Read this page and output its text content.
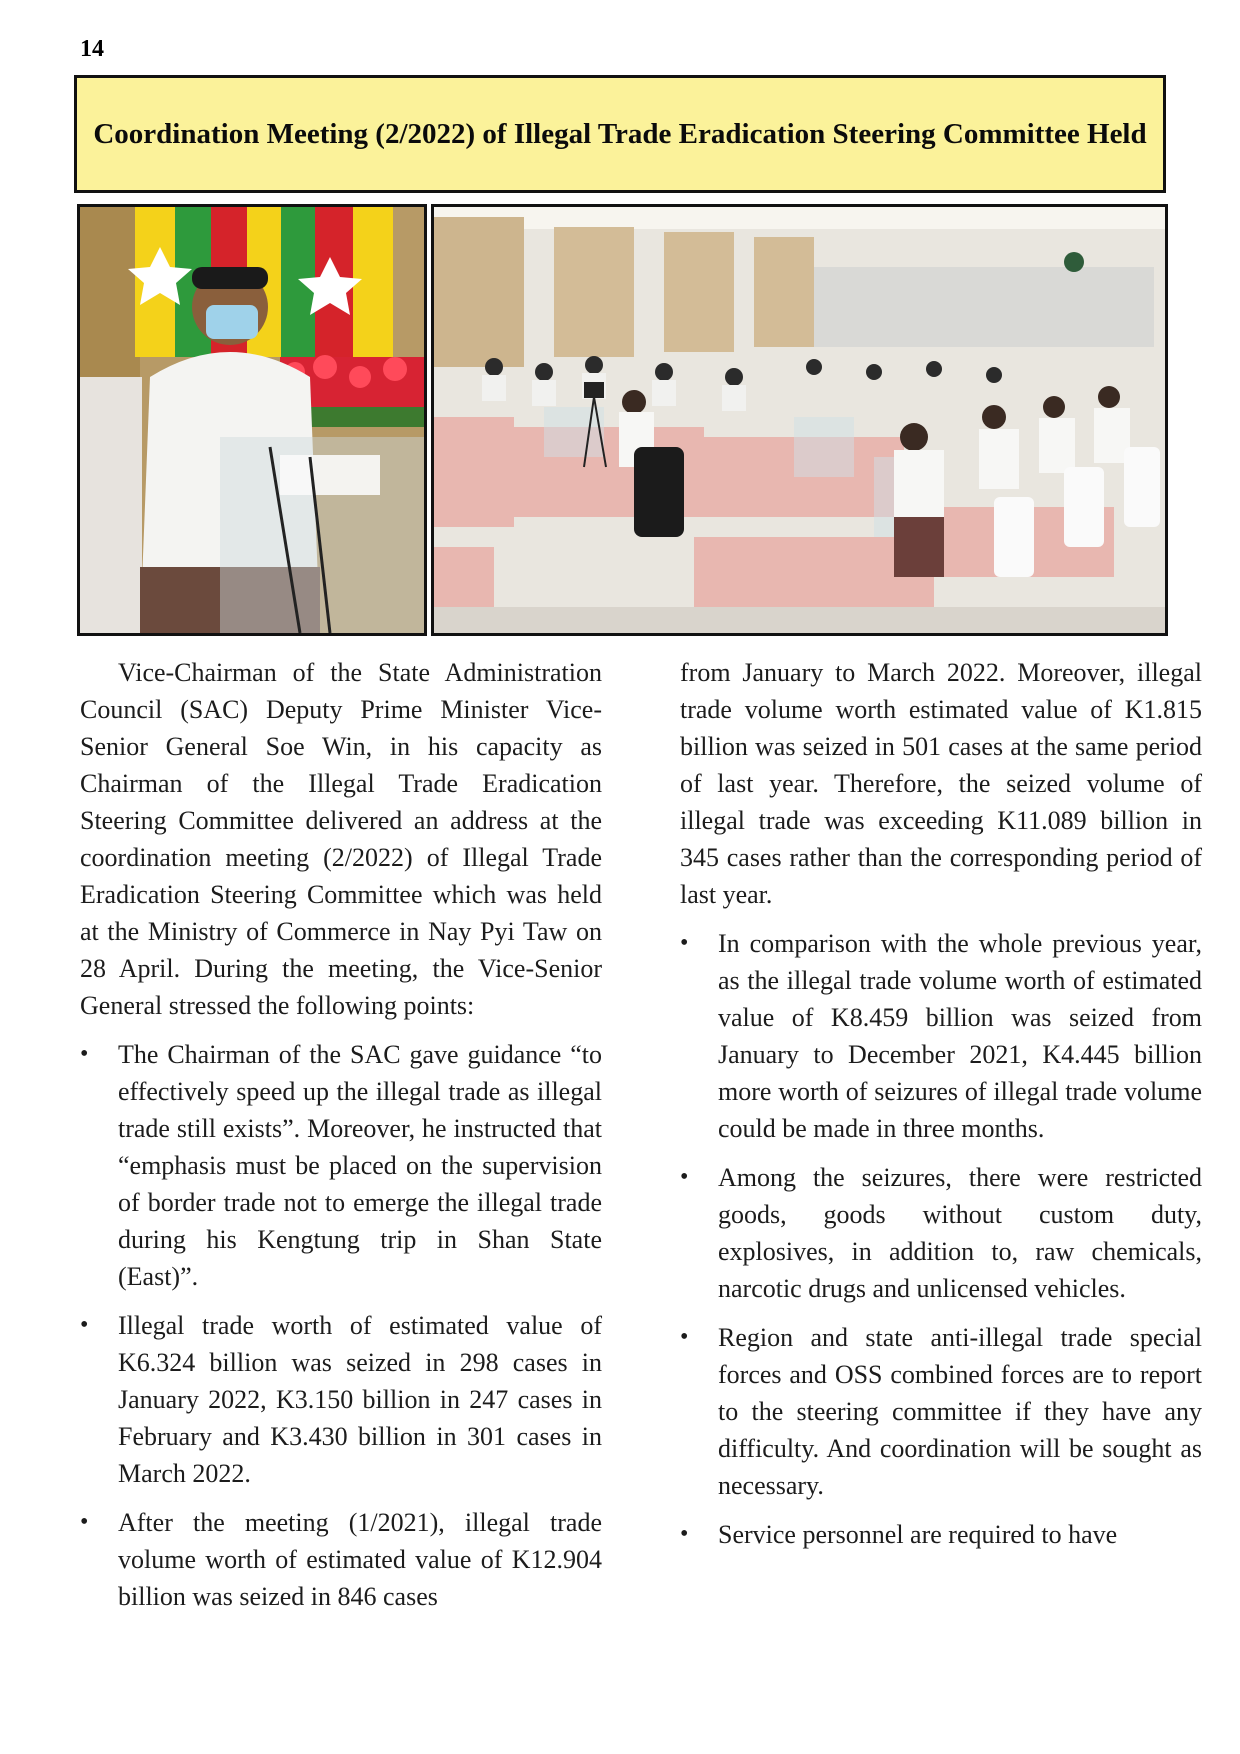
14
Coordination Meeting (2/2022) of Illegal Trade Eradication Steering Committee Held

Vice-Chairman of the State Administration Council (SAC) Deputy Prime Minister Vice-Senior General Soe Win, in his capacity as Chairman of the Illegal Trade Eradication Steering Committee delivered an address at the coordination meeting (2/2022) of Illegal Trade Eradication Steering Committee which was held at the Ministry of Commerce in Nay Pyi Taw on 28 April. During the meeting, the Vice-Senior General stressed the following points:

• The Chairman of the SAC gave guidance “to effectively speed up the illegal trade as illegal trade still exists”. Moreover, he instructed that “emphasis must be placed on the supervision of border trade not to emerge the illegal trade during his Kengtung trip in Shan State (East)”.
• Illegal trade worth of estimated value of K6.324 billion was seized in 298 cases in January 2022, K3.150 billion in 247 cases in February and K3.430 billion in 301 cases in March 2022.
• After the meeting (1/2021), illegal trade volume worth of estimated value of K12.904 billion was seized in 846 cases
from January to March 2022. Moreover, illegal trade volume worth estimated value of K1.815 billion was seized in 501 cases at the same period of last year. Therefore, the seized volume of illegal trade was exceeding K11.089 billion in 345 cases rather than the corresponding period of last year.
• In comparison with the whole previous year, as the illegal trade volume worth of estimated value of K8.459 billion was seized from January to December 2021, K4.445 billion more worth of seizures of illegal trade volume could be made in three months.
• Among the seizures, there were restricted goods, goods without custom duty, explosives, in addition to, raw chemicals, narcotic drugs and unlicensed vehicles.
• Region and state anti-illegal trade special forces and OSS combined forces are to report to the steering committee if they have any difficulty. And coordination will be sought as necessary.
• Service personnel are required to have
